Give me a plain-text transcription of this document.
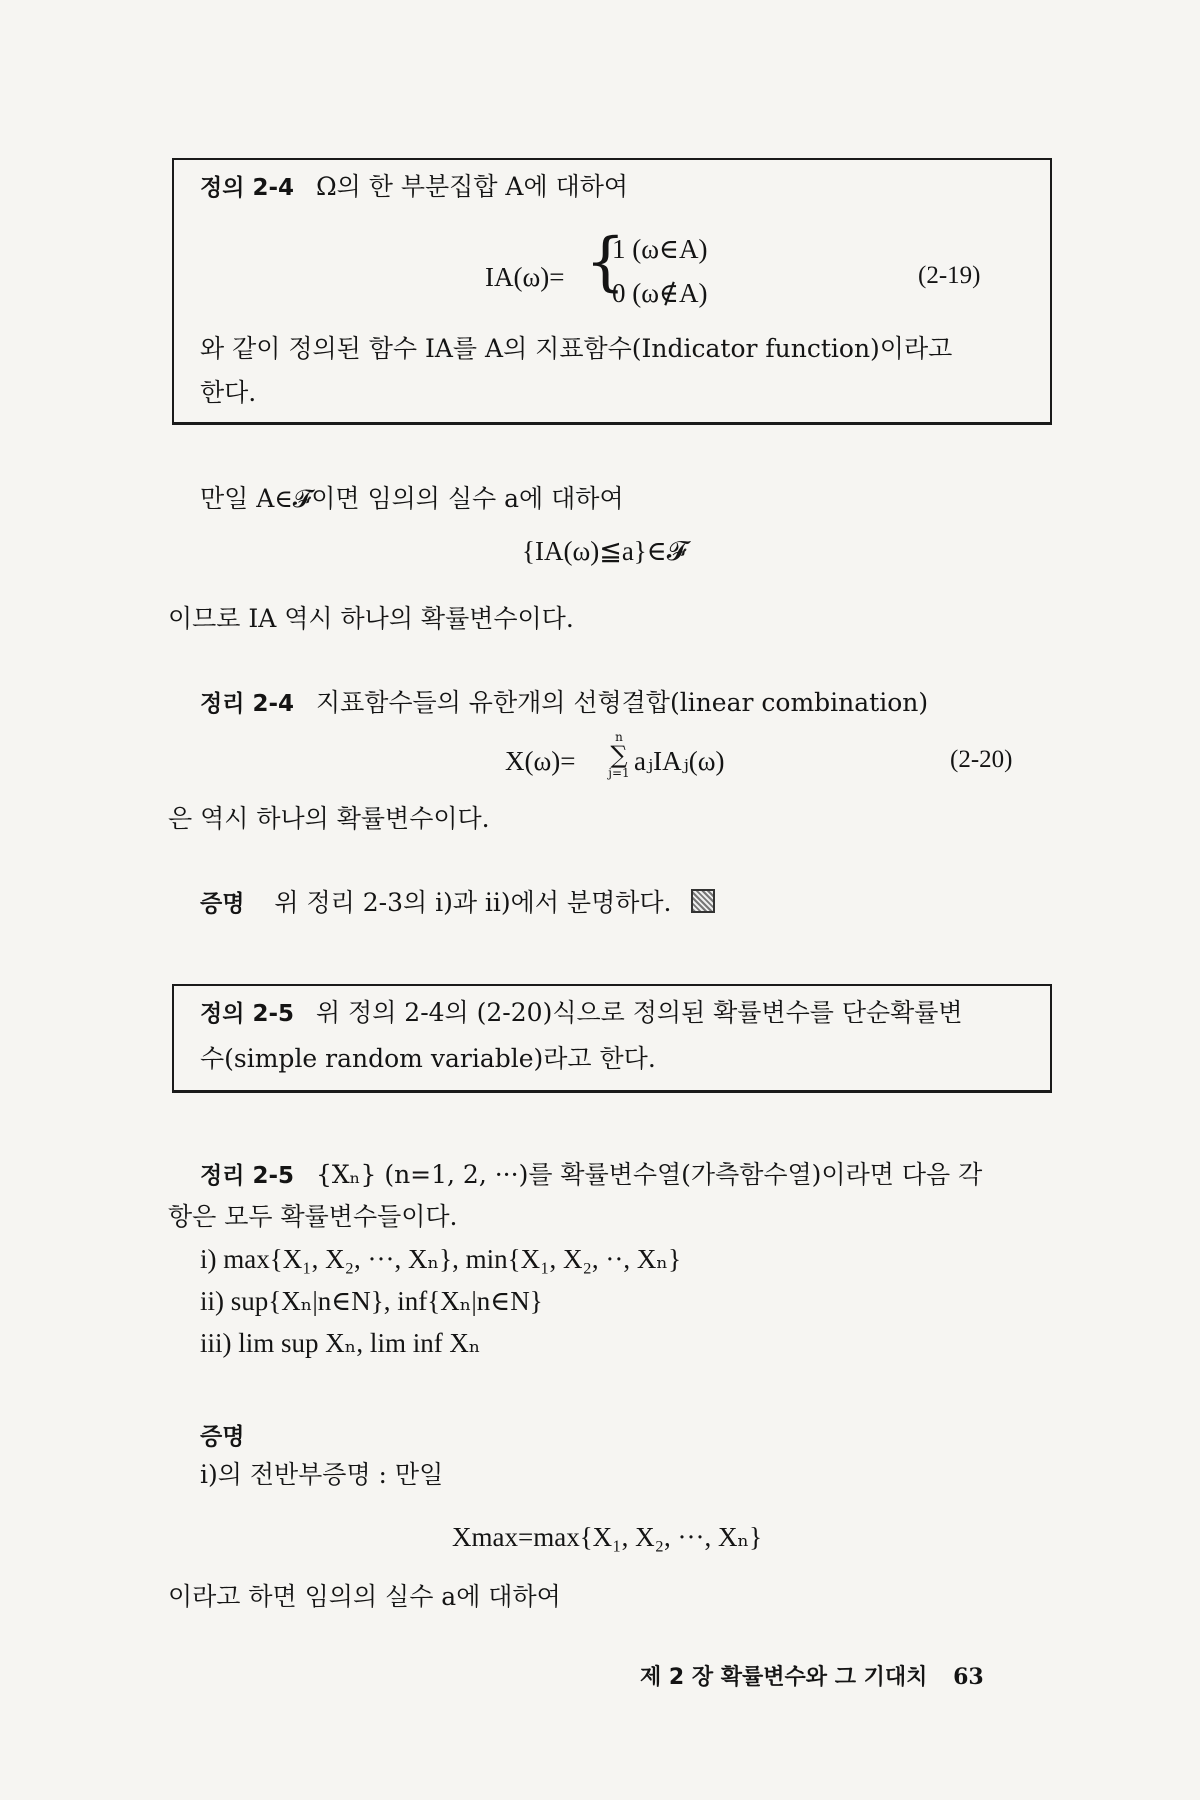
정의 2-4 Ω의 한 부분집합 A에 대하여
IA(ω)= {
1 (ω∈A)
0 (ω∉A)
(2-19)
와 같이 정의된 함수 IA를 A의 지표함수(Indicator function)이라고
한다.
만일 A∈𝓕이면 임의의 실수 a에 대하여
{IA(ω)≦a}∈𝓕
이므로 IA 역시 하나의 확률변수이다.
정리 2-4 지표함수들의 유한개의 선형결합(linear combination)
X(ω)=
n
∑
j=1 aⱼIAⱼ(ω)	(2-20)
은 역시 하나의 확률변수이다.
증명 위 정리 2-3의 i)과 ii)에서 분명하다.
정의 2-5 위 정의 2-4의 (2-20)식으로 정의된 확률변수를 단순확률변
수(simple random variable)라고 한다.
정리 2-5 {Xₙ} (n=1, 2, ···)를 확률변수열(가측함수열)이라면 다음 각
항은 모두 확률변수들이다.
i) max{X₁, X₂, ···, Xₙ}, min{X₁, X₂, ··, Xₙ}
ii) sup{Xₙ|n∈N}, inf{Xₙ|n∈N}
iii) lim sup Xₙ, lim inf Xₙ
증명
i)의 전반부증명 : 만일
Xmax=max{X₁, X₂, ···, Xₙ}
이라고 하면 임의의 실수 a에 대하여
제 2 장 확률변수와 그 기대치 63
